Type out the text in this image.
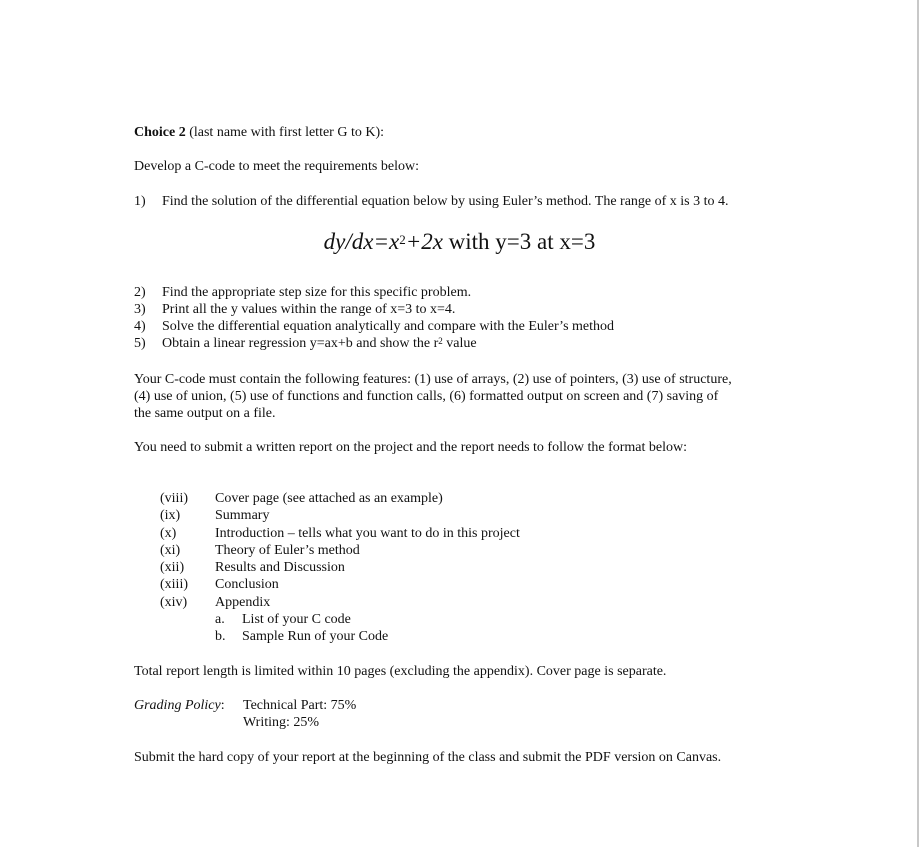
Choice 2 (last name with first letter G to K):
Develop a C-code to meet the requirements below:
1) Find the solution of the differential equation below by using Euler’s method. The range of x is 3 to 4.
$dy/dx=x^2+2x$ with y=3 at x=3
2) Find the appropriate step size for this specific problem.
3) Print all the y values within the range of x=3 to x=4.
4) Solve the differential equation analytically and compare with the Euler’s method
5) Obtain a linear regression y=ax+b and show the $r^2$ value
Your C-code must contain the following features: (1) use of arrays, (2) use of pointers, (3) use of structure,
(4) use of union, (5) use of functions and function calls, (6) formatted output on screen and (7) saving of
the same output on a file.
You need to submit a written report on the project and the report needs to follow the format below:
(viii) Cover page (see attached as an example)
(ix) Summary
(x)	Introduction – tells what you want to do in this project
(xi) Theory of Euler’s method
(xii) Results and Discussion
(xiii) Conclusion
(xiv) Appendix
a. List of your C code
b. Sample Run of your Code
Total report length is limited within 10 pages (excluding the appendix). Cover page is separate.
Grading Policy: Technical Part: 75%
Writing: 25%
Submit the hard copy of your report at the beginning of the class and submit the PDF version on Canvas.
